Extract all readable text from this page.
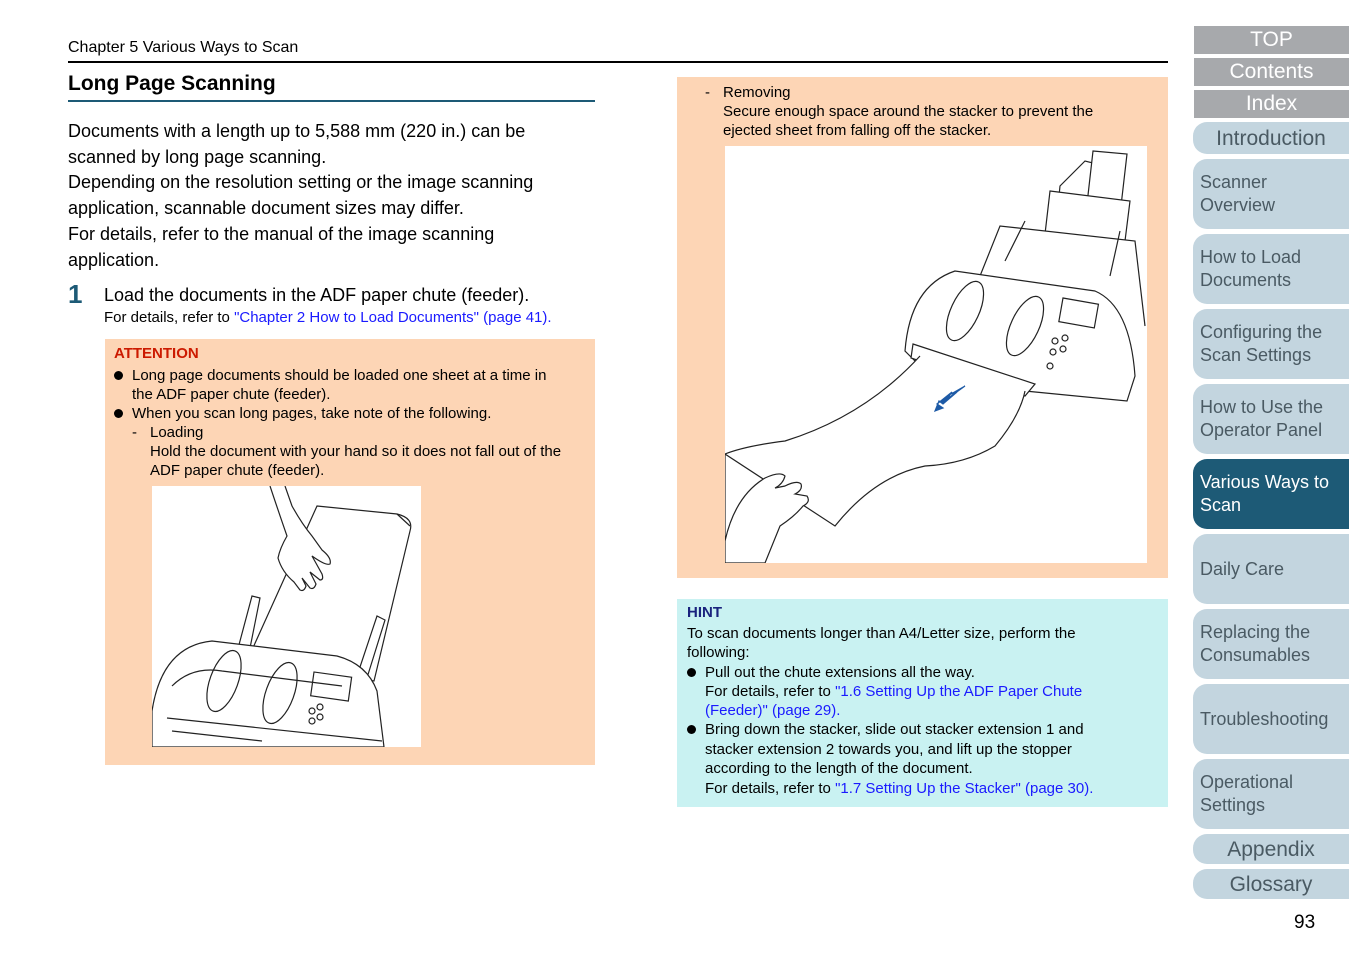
Chapter 5 Various Ways to Scan
Long Page Scanning

Documents with a length up to 5,588 mm (220 in.) can be scanned by long page scanning.

Depending on the resolution setting or the image scanning application, scannable document sizes may differ.

For details, refer to the manual of the image scanning application.

1 Load the documents in the ADF paper chute (feeder).
For details, refer to "Chapter 2 How to Load Documents" (page 41).
ATTENTION
Long page documents should be loaded one sheet at a time in
the ADF paper chute (feeder).
When you scan long pages, take note of the following.
- Loading
Hold the document with your hand so it does not fall out of the
ADF paper chute (feeder).
- Removing
Secure enough space around the stacker to prevent the
ejected sheet from falling off the stacker.
HINT
To scan documents longer than A4/Letter size, perform the
following:
Pull out the chute extensions all the way.
For details, refer to "1.6 Setting Up the ADF Paper Chute
(Feeder)" (page 29).
Bring down the stacker, slide out stacker extension 1 and
stacker extension 2 towards you, and lift up the stopper
according to the length of the document.
For details, refer to "1.7 Setting Up the Stacker" (page 30).
TOP
Contents
Index
Introduction
Scanner
Overview
How to Load
Documents
Configuring the
Scan Settings
How to Use the
Operator Panel
Various Ways to
Scan
Daily Care
Replacing the
Consumables
Troubleshooting
Operational
Settings
Appendix
Glossary
93
